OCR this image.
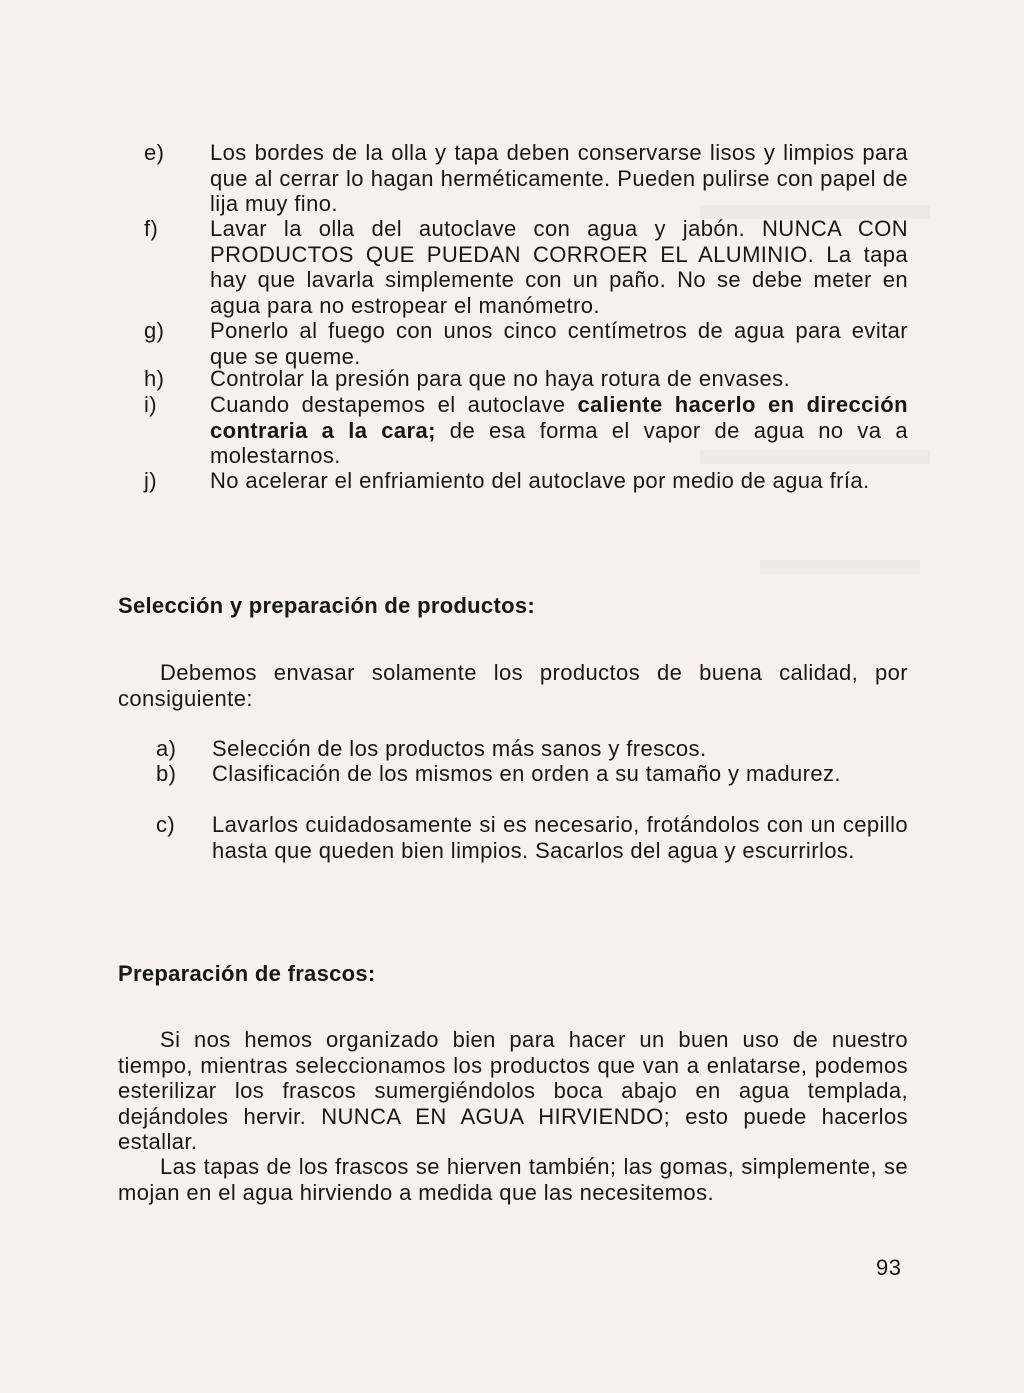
e)	Los bordes de la olla y tapa deben conservarse lisos y limpios para que al cerrar lo hagan herméticamente. Pueden pulirse con papel de lija muy fino.
f)	Lavar la olla del autoclave con agua y jabón. NUNCA CON PRODUCTOS QUE PUEDAN CORROER EL ALUMINIO. La tapa hay que lavarla simplemente con un paño. No se debe meter en agua para no estropear el manómetro.
g)	Ponerlo al fuego con unos cinco centímetros de agua para evitar que se queme.
h)	Controlar la presión para que no haya rotura de envases.
i)	Cuando destapemos el autoclave caliente hacerlo en dirección contraria a la cara; de esa forma el vapor de agua no va a molestarnos.
j)	No acelerar el enfriamiento del autoclave por medio de agua fría.
Selección y preparación de productos:
Debemos envasar solamente los productos de buena calidad, por consiguiente:
a)	Selección de los productos más sanos y frescos.
b)	Clasificación de los mismos en orden a su tamaño y madurez.
c)	Lavarlos cuidadosamente si es necesario, frotándolos con un cepillo hasta que queden bien limpios. Sacarlos del agua y escurrirlos.
Preparación de frascos:
Si nos hemos organizado bien para hacer un buen uso de nuestro tiempo, mientras seleccionamos los productos que van a enlatarse, podemos esterilizar los frascos sumergiéndolos boca abajo en agua templada, dejándoles hervir. NUNCA EN AGUA HIRVIENDO; esto puede hacerlos estallar.
Las tapas de los frascos se hierven también; las gomas, simplemente, se mojan en el agua hirviendo a medida que las necesitemos.
93
